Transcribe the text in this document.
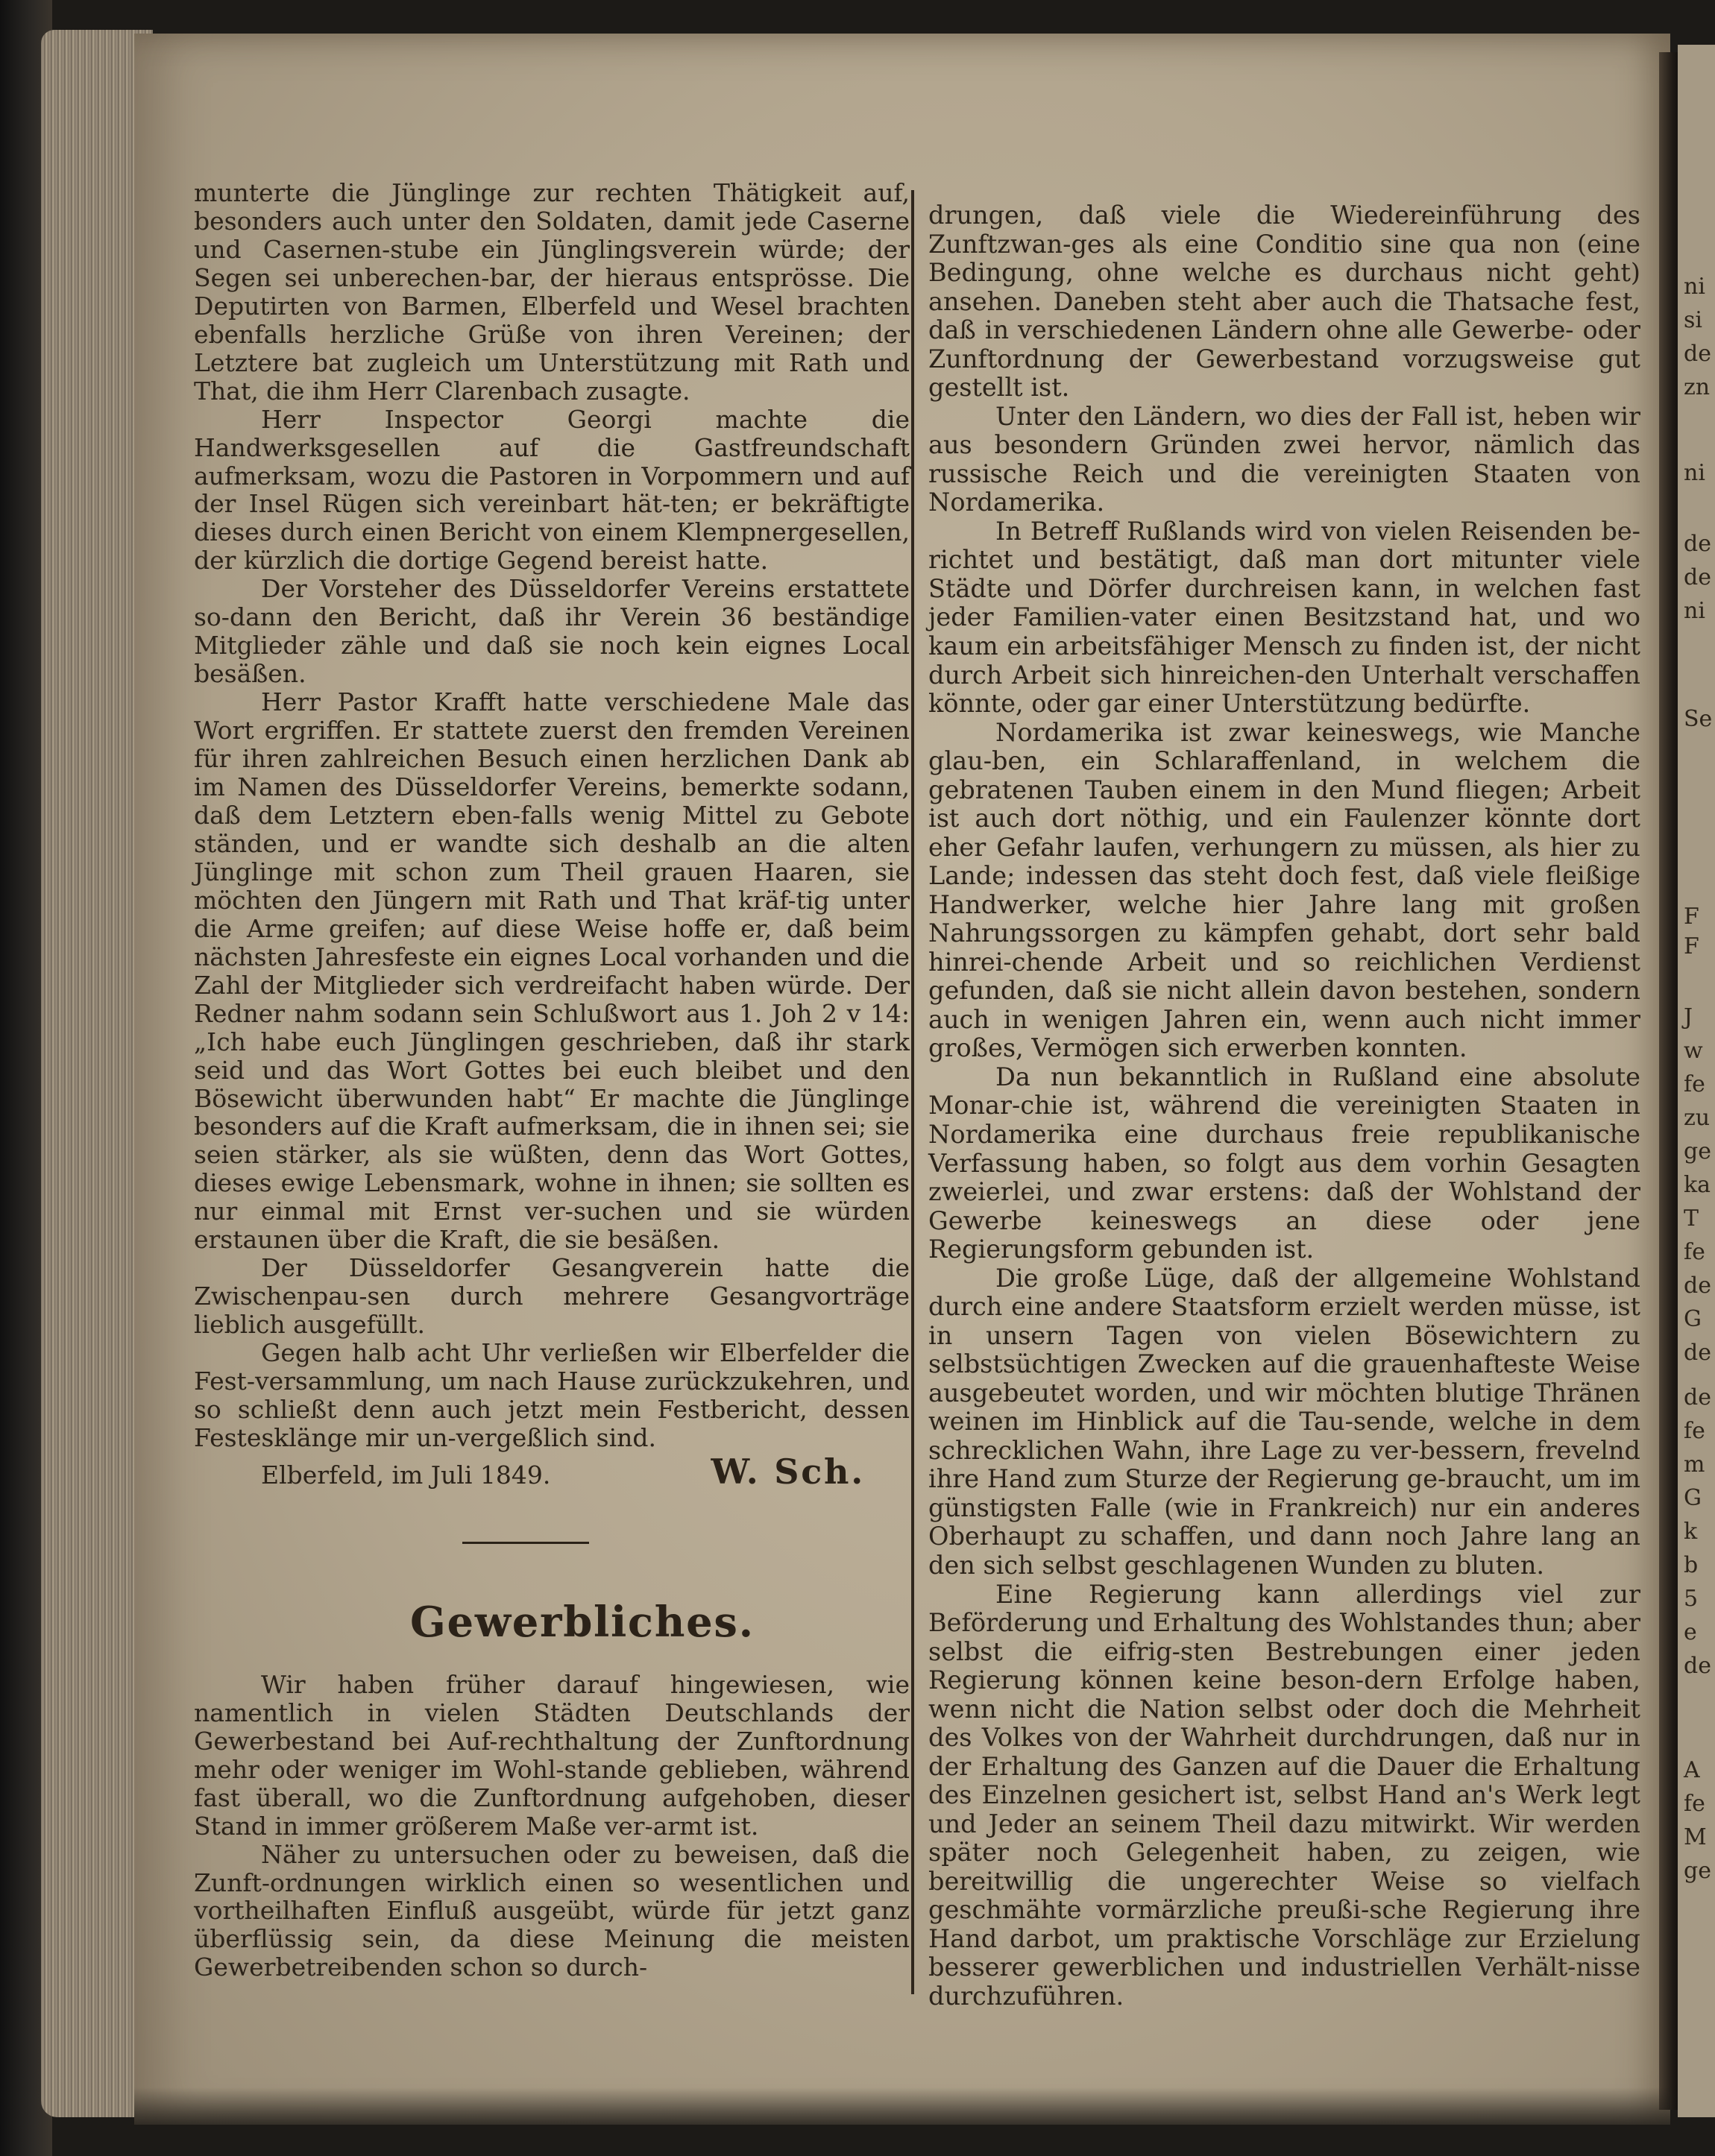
ni
si
de
zn
ni
de
de
ni
Se
F
F
J
w
fe
zu
ge
ka
T
fe
de
G
de
de
fe
m
G
k
b
5
e
de
A
fe
M
ge

munterte die Jünglinge zur rechten Thätigkeit auf, besonders auch unter den Soldaten, damit jede Caserne und Casernen-stube ein Jünglingsverein würde; der Segen sei unberechen-bar, der hieraus entsprösse. Die Deputirten von Barmen, Elberfeld und Wesel brachten ebenfalls herzliche Grüße von ihren Vereinen; der Letztere bat zugleich um Unterstützung mit Rath und That, die ihm Herr Clarenbach zusagte.

Herr Inspector Georgi machte die Handwerksgesellen auf die Gastfreundschaft aufmerksam, wozu die Pastoren in Vorpommern und auf der Insel Rügen sich vereinbart hät-ten; er bekräftigte dieses durch einen Bericht von einem Klempnergesellen, der kürzlich die dortige Gegend bereist hatte.

Der Vorsteher des Düsseldorfer Vereins erstattete so-dann den Bericht, daß ihr Verein 36 beständige Mitglieder zähle und daß sie noch kein eignes Local besäßen.

Herr Pastor Krafft hatte verschiedene Male das Wort ergriffen. Er stattete zuerst den fremden Vereinen für ihren zahlreichen Besuch einen herzlichen Dank ab im Namen des Düsseldorfer Vereins, bemerkte sodann, daß dem Letztern eben-falls wenig Mittel zu Gebote ständen, und er wandte sich deshalb an die alten Jünglinge mit schon zum Theil grauen Haaren, sie möchten den Jüngern mit Rath und That kräf-tig unter die Arme greifen; auf diese Weise hoffe er, daß beim nächsten Jahresfeste ein eignes Local vorhanden und die Zahl der Mitglieder sich verdreifacht haben würde. Der Redner nahm sodann sein Schlußwort aus 1. Joh 2 v 14: „Ich habe euch Jünglingen geschrieben, daß ihr stark seid und das Wort Gottes bei euch bleibet und den Bösewicht überwunden habt“ Er machte die Jünglinge besonders auf die Kraft aufmerksam, die in ihnen sei; sie seien stärker, als sie wüßten, denn das Wort Gottes, dieses ewige Lebensmark, wohne in ihnen; sie sollten es nur einmal mit Ernst ver-suchen und sie würden erstaunen über die Kraft, die sie besäßen.

Der Düsseldorfer Gesangverein hatte die Zwischenpau-sen durch mehrere Gesangvorträge lieblich ausgefüllt.

Gegen halb acht Uhr verließen wir Elberfelder die Fest-versammlung, um nach Hause zurückzukehren, und so schließt denn auch jetzt mein Festbericht, dessen Festesklänge mir un-vergeßlich sind.

Elberfeld, im Juli 1849.	W. Sch.
Gewerbliches.

Wir haben früher darauf hingewiesen, wie namentlich in vielen Städten Deutschlands der Gewerbestand bei Auf-rechthaltung der Zunftordnung mehr oder weniger im Wohl-stande geblieben, während fast überall, wo die Zunftordnung aufgehoben, dieser Stand in immer größerem Maße ver-armt ist.

Näher zu untersuchen oder zu beweisen, daß die Zunft-ordnungen wirklich einen so wesentlichen und vortheilhaften Einfluß ausgeübt, würde für jetzt ganz überflüssig sein, da diese Meinung die meisten Gewerbetreibenden schon so durch-

drungen, daß viele die Wiedereinführung des Zunftzwan-ges als eine Conditio sine qua non (eine Bedingung, ohne welche es durchaus nicht geht) ansehen. Daneben steht aber auch die Thatsache fest, daß in verschiedenen Ländern ohne alle Gewerbe- oder Zunftordnung der Gewerbestand vorzugsweise gut gestellt ist.

Unter den Ländern, wo dies der Fall ist, heben wir aus besondern Gründen zwei hervor, nämlich das russische Reich und die vereinigten Staaten von Nordamerika.

In Betreff Rußlands wird von vielen Reisenden be-richtet und bestätigt, daß man dort mitunter viele Städte und Dörfer durchreisen kann, in welchen fast jeder Familien-vater einen Besitzstand hat, und wo kaum ein arbeitsfähiger Mensch zu finden ist, der nicht durch Arbeit sich hinreichen-den Unterhalt verschaffen könnte, oder gar einer Unterstützung bedürfte.

Nordamerika ist zwar keineswegs, wie Manche glau-ben, ein Schlaraffenland, in welchem die gebratenen Tauben einem in den Mund fliegen; Arbeit ist auch dort nöthig, und ein Faulenzer könnte dort eher Gefahr laufen, verhungern zu müssen, als hier zu Lande; indessen das steht doch fest, daß viele fleißige Handwerker, welche hier Jahre lang mit großen Nahrungssorgen zu kämpfen gehabt, dort sehr bald hinrei-chende Arbeit und so reichlichen Verdienst gefunden, daß sie nicht allein davon bestehen, sondern auch in wenigen Jahren ein, wenn auch nicht immer großes, Vermögen sich erwerben konnten.

Da nun bekanntlich in Rußland eine absolute Monar-chie ist, während die vereinigten Staaten in Nordamerika eine durchaus freie republikanische Verfassung haben, so folgt aus dem vorhin Gesagten zweierlei, und zwar erstens: daß der Wohlstand der Gewerbe keineswegs an diese oder jene Regierungsform gebunden ist.

Die große Lüge, daß der allgemeine Wohlstand durch eine andere Staatsform erzielt werden müsse, ist in unsern Tagen von vielen Bösewichtern zu selbstsüchtigen Zwecken auf die grauenhafteste Weise ausgebeutet worden, und wir möchten blutige Thränen weinen im Hinblick auf die Tau-sende, welche in dem schrecklichen Wahn, ihre Lage zu ver-bessern, frevelnd ihre Hand zum Sturze der Regierung ge-braucht, um im günstigsten Falle (wie in Frankreich) nur ein anderes Oberhaupt zu schaffen, und dann noch Jahre lang an den sich selbst geschlagenen Wunden zu bluten.

Eine Regierung kann allerdings viel zur Beförderung und Erhaltung des Wohlstandes thun; aber selbst die eifrig-sten Bestrebungen einer jeden Regierung können keine beson-dern Erfolge haben, wenn nicht die Nation selbst oder doch die Mehrheit des Volkes von der Wahrheit durchdrungen, daß nur in der Erhaltung des Ganzen auf die Dauer die Erhaltung des Einzelnen gesichert ist, selbst Hand an's Werk legt und Jeder an seinem Theil dazu mitwirkt. Wir werden später noch Gelegenheit haben, zu zeigen, wie bereitwillig die ungerechter Weise so vielfach geschmähte vormärzliche preußi-sche Regierung ihre Hand darbot, um praktische Vorschläge zur Erzielung besserer gewerblichen und industriellen Verhält-nisse durchzuführen.
